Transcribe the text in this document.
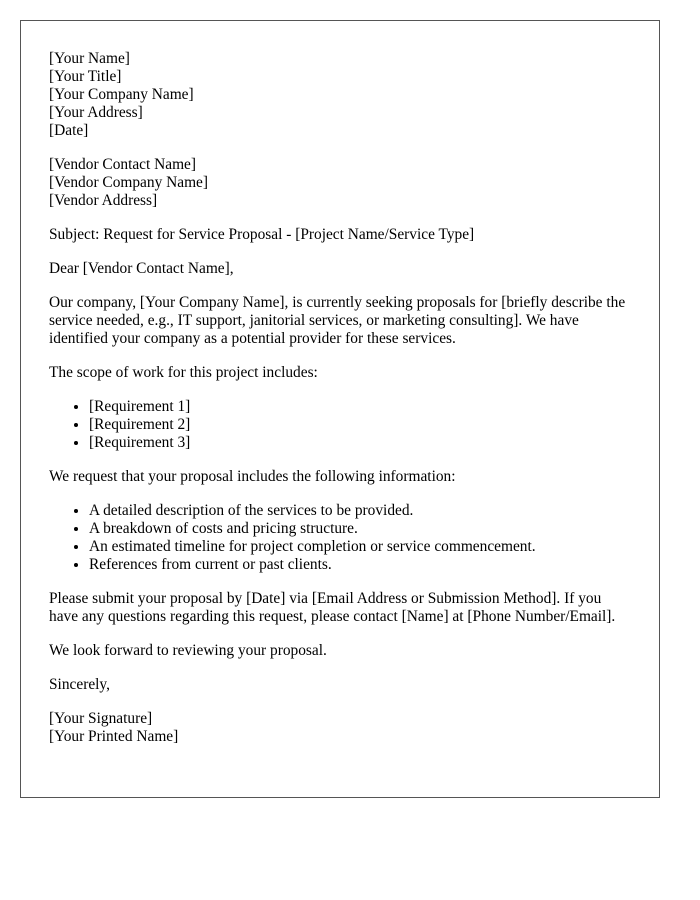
[Your Name]
[Your Title]
[Your Company Name]
[Your Address]
[Date]
[Vendor Contact Name]
[Vendor Company Name]
[Vendor Address]

Subject: Request for Service Proposal - [Project Name/Service Type]

Dear [Vendor Contact Name],

Our company, [Your Company Name], is currently seeking proposals for [briefly describe the service needed, e.g., IT support, janitorial services, or marketing consulting]. We have identified your company as a potential provider for these services.

The scope of work for this project includes:

• [Requirement 1]
• [Requirement 2]
• [Requirement 3]

We request that your proposal includes the following information:

• A detailed description of the services to be provided.
• A breakdown of costs and pricing structure.
• An estimated timeline for project completion or service commencement.
• References from current or past clients.

Please submit your proposal by [Date] via [Email Address or Submission Method]. If you have any questions regarding this request, please contact [Name] at [Phone Number/Email].

We look forward to reviewing your proposal.

Sincerely,

[Your Signature]
[Your Printed Name]
